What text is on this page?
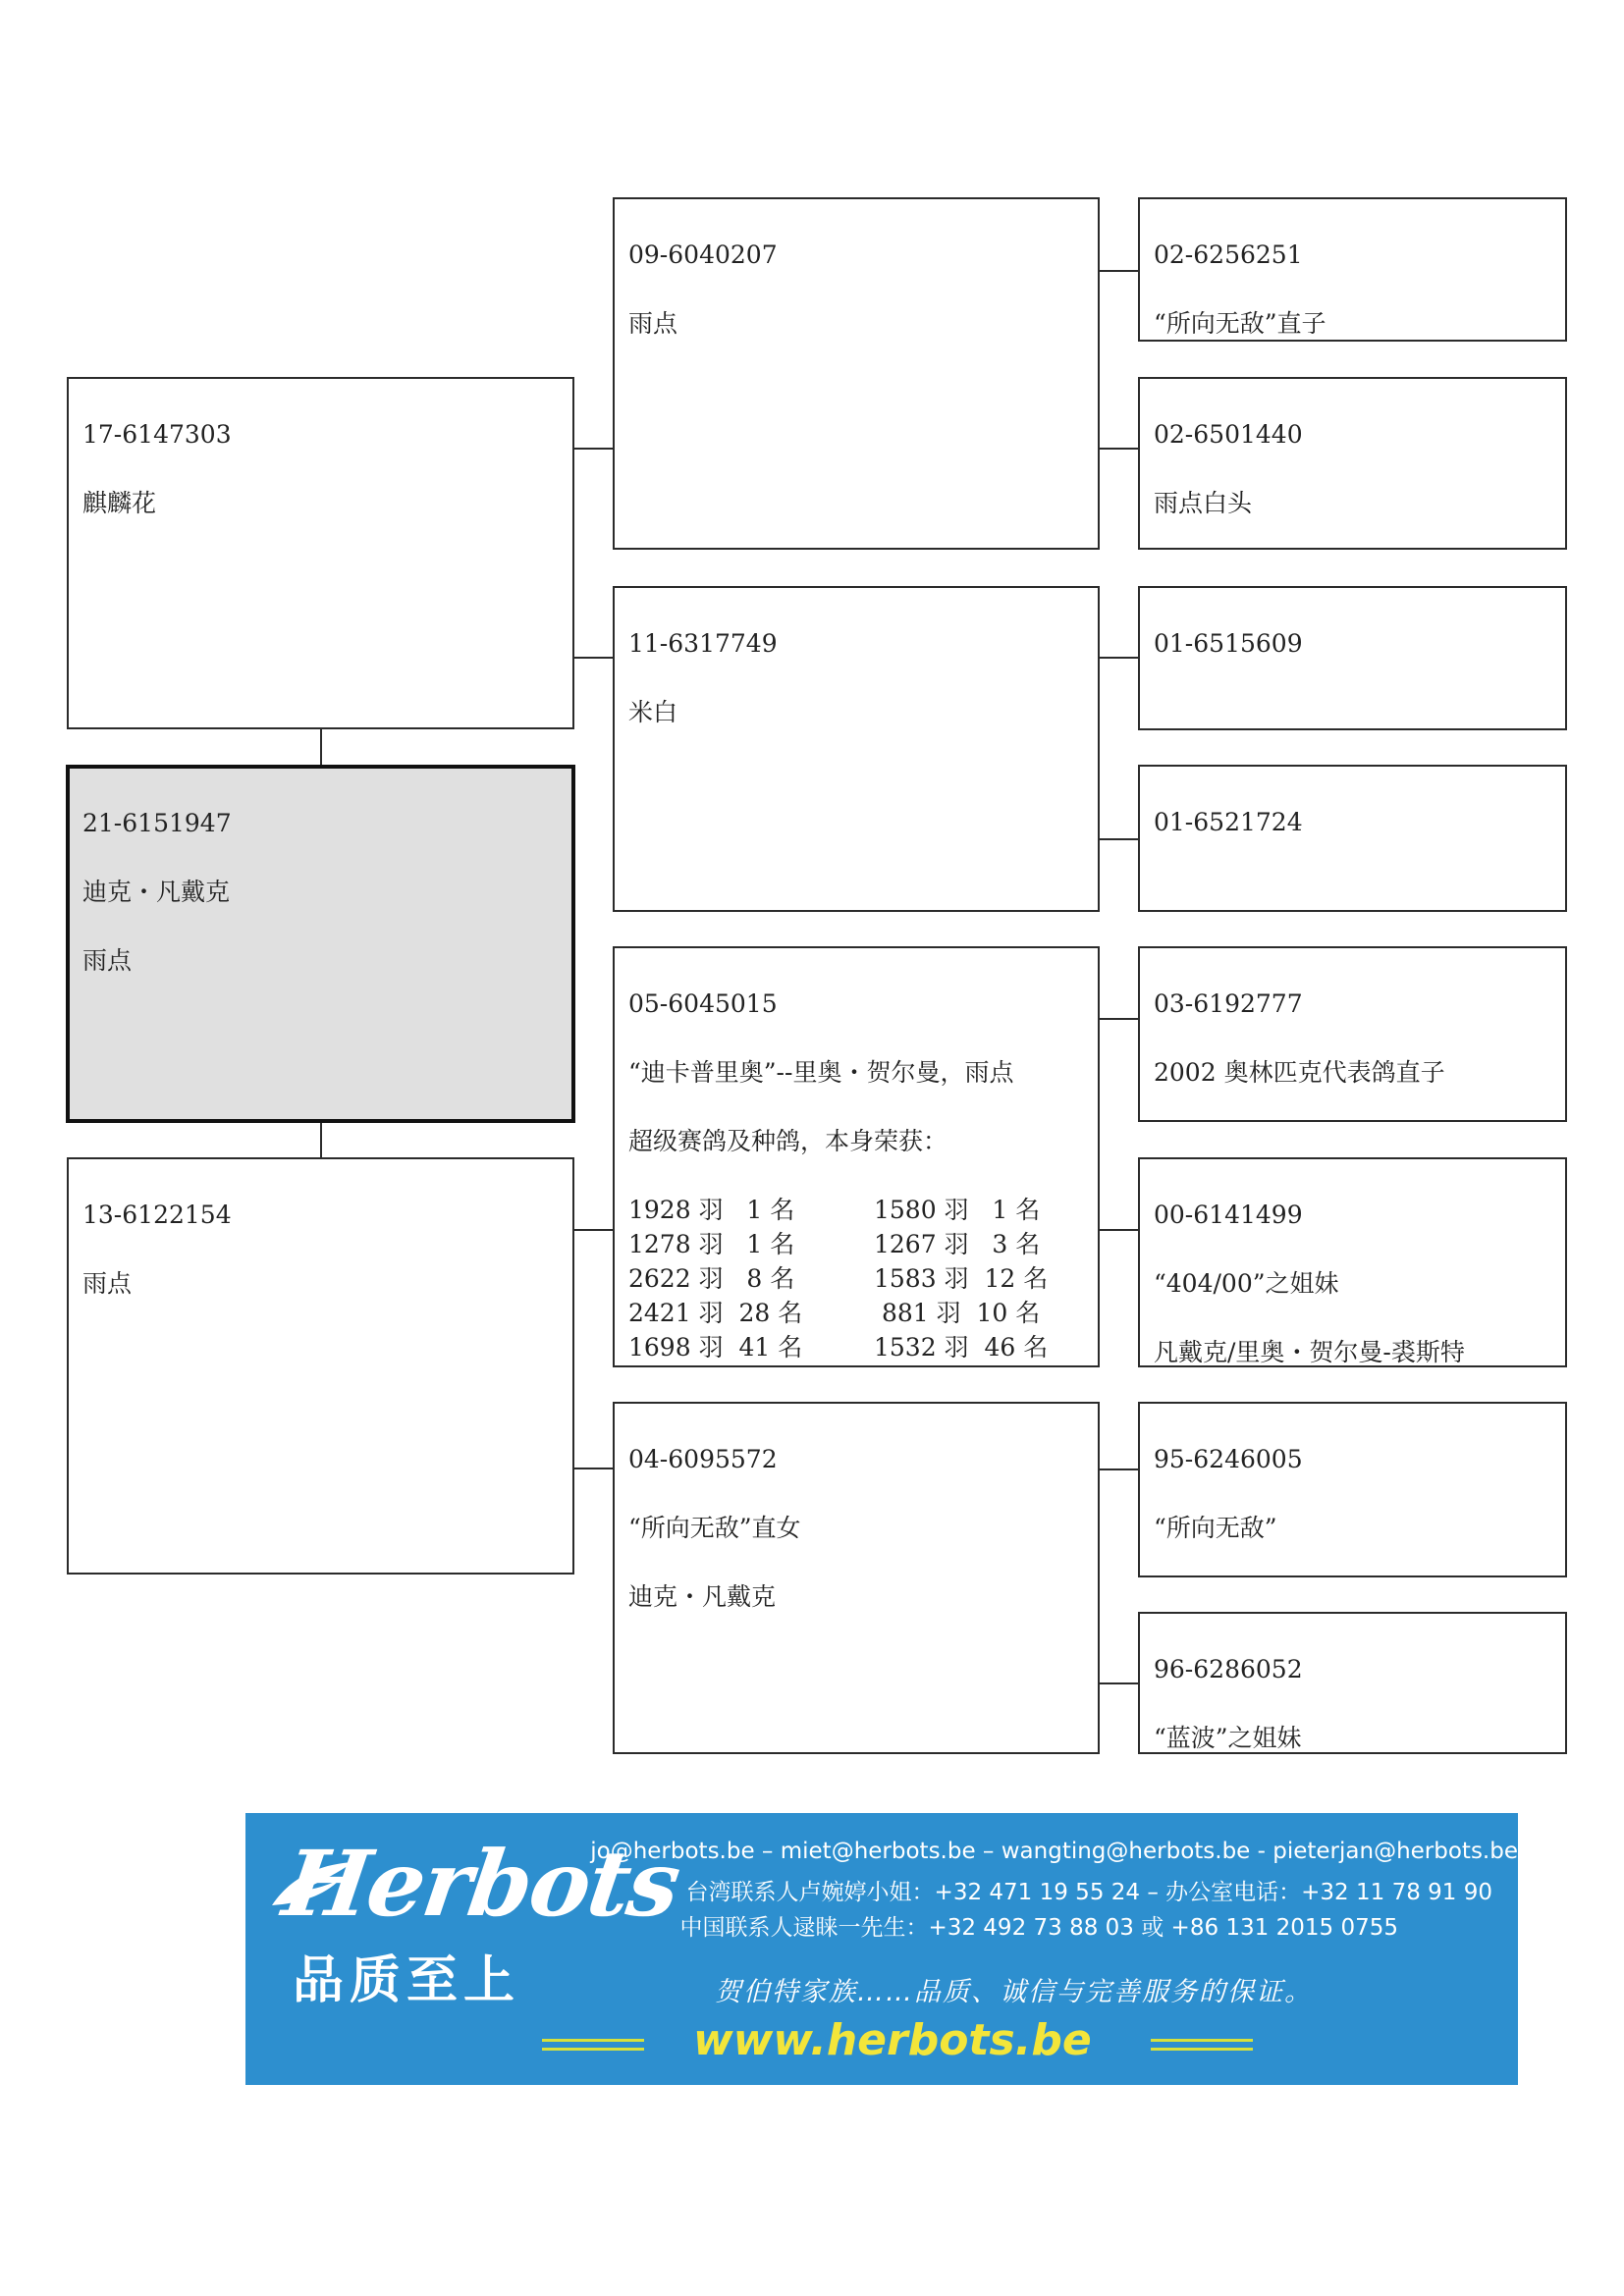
17-6147303

麒麟花

21-6151947

迪克・凡戴克

雨点

13-6122154

雨点

09-6040207

雨点

11-6317749

米白

05-6045015

“迪卡普里奥”--里奥・贺尔曼，雨点

超级赛鸽及种鸽，本身荣获：

1928 羽   1 名	1580 羽   1 名
1278 羽   1 名	1267 羽   3 名
2622 羽   8 名	1583 羽  12 名
2421 羽  28 名	881 羽  10 名
1698 羽  41 名	1532 羽  46 名

04-6095572

“所向无敌”直女

迪克・凡戴克

02-6256251

“所向无敌”直子

02-6501440

雨点白头

01-6515609

01-6521724

03-6192777

2002 奥林匹克代表鸽直子

00-6141499

“404/00”之姐妹

凡戴克/里奥・贺尔曼-裘斯特

95-6246005

“所向无敌”

96-6286052

“蓝波”之姐妹

Herbots
品质至上
jo@herbots.be – miet@herbots.be – wangting@herbots.be - pieterjan@herbots.be
台湾联系人卢婉婷小姐：+32 471 19 55 24 – 办公室电话：+32 11 78 91 90
中国联系人逯睐一先生：+32 492 73 88 03 或 +86 131 2015 0755
贺伯特家族……品质、诚信与完善服务的保证。
www.herbots.be
